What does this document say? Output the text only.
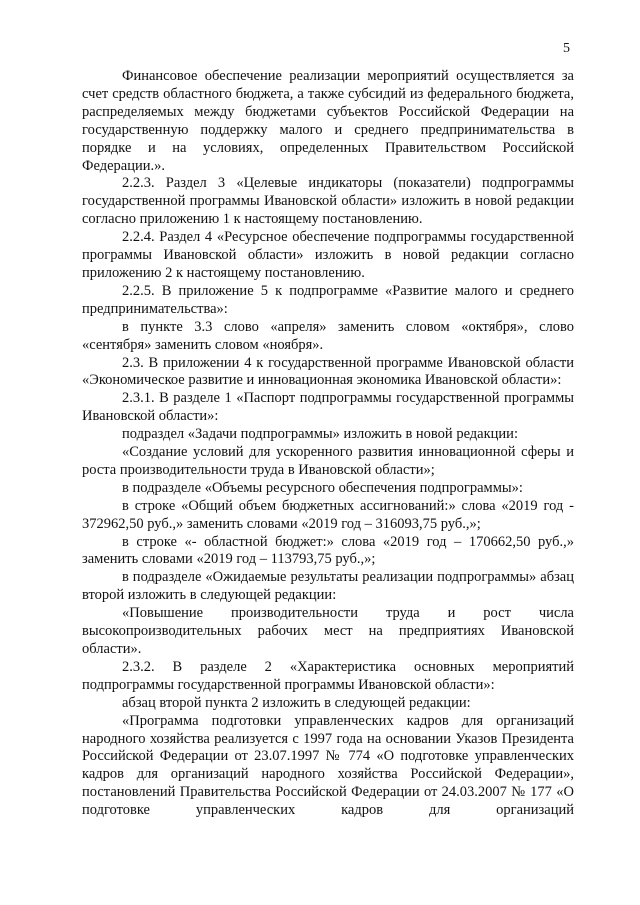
5

Финансовое обеспечение реализации мероприятий осуществляется за счет средств областного бюджета, а также субсидий из федерального бюджета, распределяемых между бюджетами субъектов Российской Федерации на государственную поддержку малого и среднего предпринимательства в порядке и на условиях, определенных Правительством Российской Федерации.».

2.2.3. Раздел 3 «Целевые индикаторы (показатели) подпрограммы государственной программы Ивановской области» изложить в новой редакции согласно приложению 1 к настоящему постановлению.

2.2.4. Раздел 4 «Ресурсное обеспечение подпрограммы государственной программы Ивановской области» изложить в новой редакции согласно приложению 2 к настоящему постановлению.

2.2.5. В приложение 5 к подпрограмме «Развитие малого и среднего предпринимательства»:

в пункте 3.3 слово «апреля» заменить словом «октября», слово «сентября» заменить словом «ноября».

2.3. В приложении 4 к государственной программе Ивановской области «Экономическое развитие и инновационная экономика Ивановской области»:

2.3.1. В разделе 1 «Паспорт подпрограммы государственной программы Ивановской области»:

подраздел «Задачи подпрограммы» изложить в новой редакции:

«Создание условий для ускоренного развития инновационной сферы и роста производительности труда в Ивановской области»;

в подразделе «Объемы ресурсного обеспечения подпрограммы»:

в строке «Общий объем бюджетных ассигнований:» слова «2019 год - 372962,50 руб.,» заменить словами «2019 год – 316093,75 руб.,»;

в строке «- областной бюджет:» слова «2019 год – 170662,50 руб.,» заменить словами «2019 год – 113793,75 руб.,»;

в подразделе «Ожидаемые результаты реализации подпрограммы» абзац второй изложить в следующей редакции:

«Повышение производительности труда и рост числа высокопроизводительных рабочих мест на предприятиях Ивановской области».

2.3.2. В разделе 2 «Характеристика основных мероприятий подпрограммы государственной программы Ивановской области»:

абзац второй пункта 2 изложить в следующей редакции:

«Программа подготовки управленческих кадров для организаций народного хозяйства реализуется с 1997 года на основании Указов Президента Российской Федерации от 23.07.1997 № 774 «О подготовке управленческих кадров для организаций народного хозяйства Российской Федерации», постановлений Правительства Российской Федерации от 24.03.2007 № 177 «О подготовке управленческих кадров для организаций
